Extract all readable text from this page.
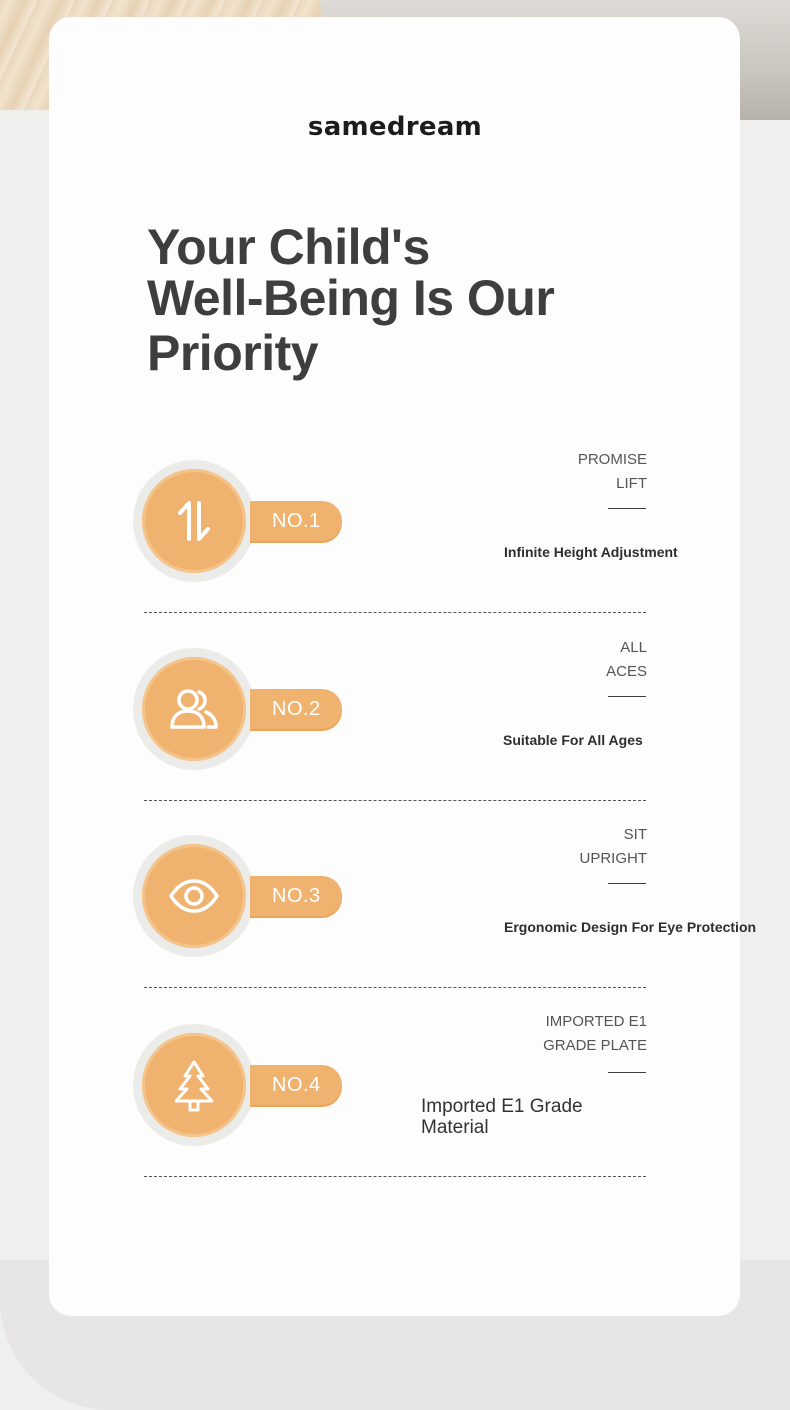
samedream
Your Child's
Well-Being Is Our
Priority
NO.1
PROMISE
LIFT
Infinite Height Adjustment
NO.2
ALL
ACES
Suitable For All Ages
NO.3
SIT
UPRIGHT
Ergonomic Design For Eye Protection
NO.4
IMPORTED E1
GRADE PLATE
Imported E1 Grade Material
